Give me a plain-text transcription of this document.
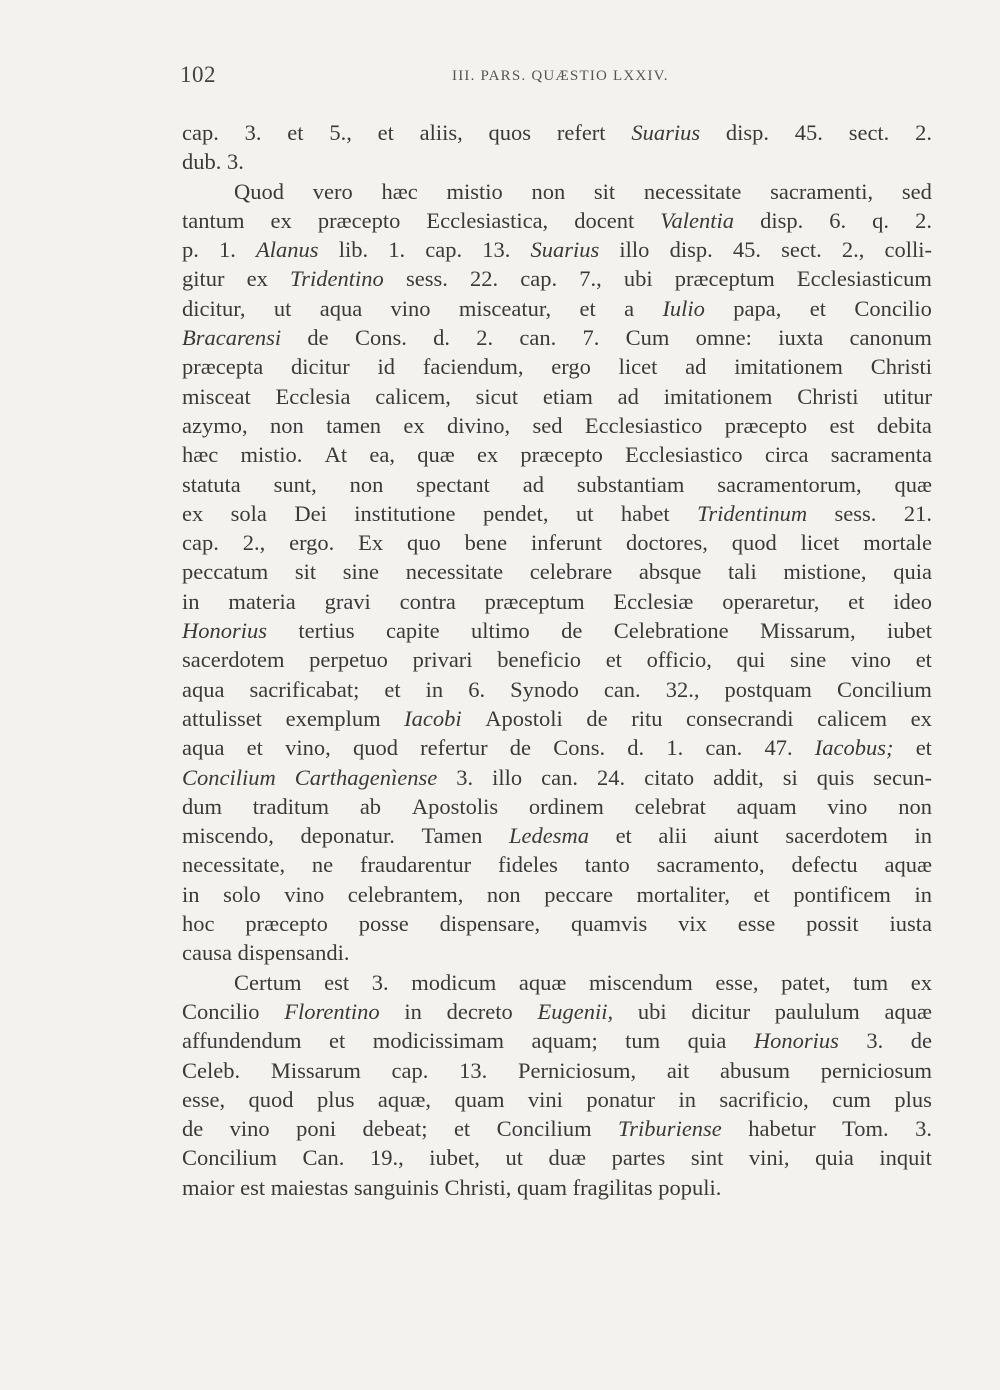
102	III. PARS. QUÆSTIO LXXIV.
cap. 3. et 5., et aliis, quos refert Suarius disp. 45. sect. 2.
dub. 3.
Quod vero hæc mistio non sit necessitate sacramenti, sed
tantum ex præcepto Ecclesiastica, docent Valentia disp. 6. q. 2.
p. 1. Alanus lib. 1. cap. 13. Suarius illo disp. 45. sect. 2., colli-
gitur ex Tridentino sess. 22. cap. 7., ubi præceptum Ecclesiasticum
dicitur, ut aqua vino misceatur, et a Iulio papa, et Concilio
Bracarensi de Cons. d. 2. can. 7. Cum omne: iuxta canonum
præcepta dicitur id faciendum, ergo licet ad imitationem Christi
misceat Ecclesia calicem, sicut etiam ad imitationem Christi utitur
azymo, non tamen ex divino, sed Ecclesiastico præcepto est debita
hæc mistio. At ea, quæ ex præcepto Ecclesiastico circa sacramenta
statuta sunt, non spectant ad substantiam sacramentorum, quæ
ex sola Dei institutione pendet, ut habet Tridentinum sess. 21.
cap. 2., ergo. Ex quo bene inferunt doctores, quod licet mortale
peccatum sit sine necessitate celebrare absque tali mistione, quia
in materia gravi contra præceptum Ecclesiæ operaretur, et ideo
Honorius tertius capite ultimo de Celebratione Missarum, iubet
sacerdotem perpetuo privari beneficio et officio, qui sine vino et
aqua sacrificabat; et in 6. Synodo can. 32., postquam Concilium
attulisset exemplum Iacobi Apostoli de ritu consecrandi calicem ex
aqua et vino, quod refertur de Cons. d. 1. can. 47. Iacobus; et
Concilium Carthagenìense 3. illo can. 24. citato addit, si quis secun-
dum traditum ab Apostolis ordinem celebrat aquam vino non
miscendo, deponatur. Tamen Ledesma et alii aiunt sacerdotem in
necessitate, ne fraudarentur fideles tanto sacramento, defectu aquæ
in solo vino celebrantem, non peccare mortaliter, et pontificem in
hoc præcepto posse dispensare, quamvis vix esse possit iusta
causa dispensandi.
Certum est 3. modicum aquæ miscendum esse, patet, tum ex
Concilio Florentino in decreto Eugenii, ubi dicitur paululum aquæ
affundendum et modicissimam aquam; tum quia Honorius 3. de
Celeb. Missarum cap. 13. Perniciosum, ait abusum perniciosum
esse, quod plus aquæ, quam vini ponatur in sacrificio, cum plus
de vino poni debeat; et Concilium Triburiense habetur Tom. 3.
Concilium Can. 19., iubet, ut duæ partes sint vini, quia inquit
maior est maiestas sanguinis Christi, quam fragilitas populi.
